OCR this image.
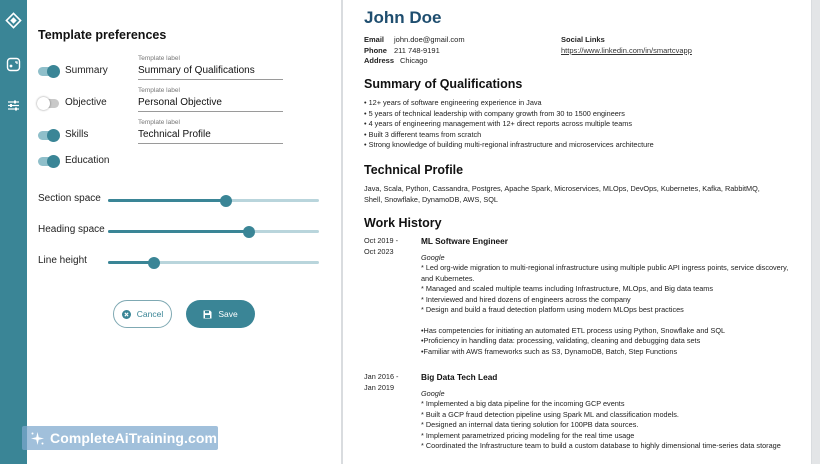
Template preferences
Summary
Template label
Summary of Qualifications
Objective
Template label
Personal Objective
Skills
Template label
Technical Profile
Education
Section space
Heading space
Line height
Cancel	Save
CompleteAiTraining.com
John Doe
Email john.doe@gmail.com
Phone 211 748-9191
Address Chicago
Social Links
https://www.linkedin.com/in/smartcvapp
Summary of Qualifications
• 12+ years of software engineering experience in Java
• 5 years of technical leadership with company growth from 30 to 1500 engineers
• 4 years of engineering management with 12+ direct reports across multiple teams
• Built 3 different teams from scratch
• Strong knowledge of building multi-regional infrastructure and microservices architecture
Technical Profile
Java, Scala, Python, Cassandra, Postgres, Apache Spark, Microservices, MLOps, DevOps, Kubernetes, Kafka, RabbitMQ, Shell, Snowflake, DynamoDB, AWS, SQL
Work History
Oct 2019 -
Oct 2023
ML Software Engineer
Google
* Led org-wide migration to multi-regional infrastructure using multiple public API ingress points, service discovery, and Kubernetes.
* Managed and scaled multiple teams including Infrastructure, MLOps, and Big data teams
* Interviewed and hired dozens of engineers across the company
* Design and build a fraud detection platform using modern MLOps best practices
•Has competencies for initiating an automated ETL process using Python, Snowflake and SQL
•Proficiency in handling data: processing, validating, cleaning and debugging data sets
•Familiar with AWS frameworks such as S3, DynamoDB, Batch, Step Functions
Jan 2016 -
Jan 2019
Big Data Tech Lead
Google
* Implemented a big data pipeline for the incoming GCP events
* Built a GCP fraud detection pipeline using Spark ML and classification models.
* Designed an internal data tiering solution for 100PB data sources.
* Implement parametrized pricing modeling for the real time usage
* Coordinated the Infrastructure team to build a custom database to highly dimensional time-series data storage
